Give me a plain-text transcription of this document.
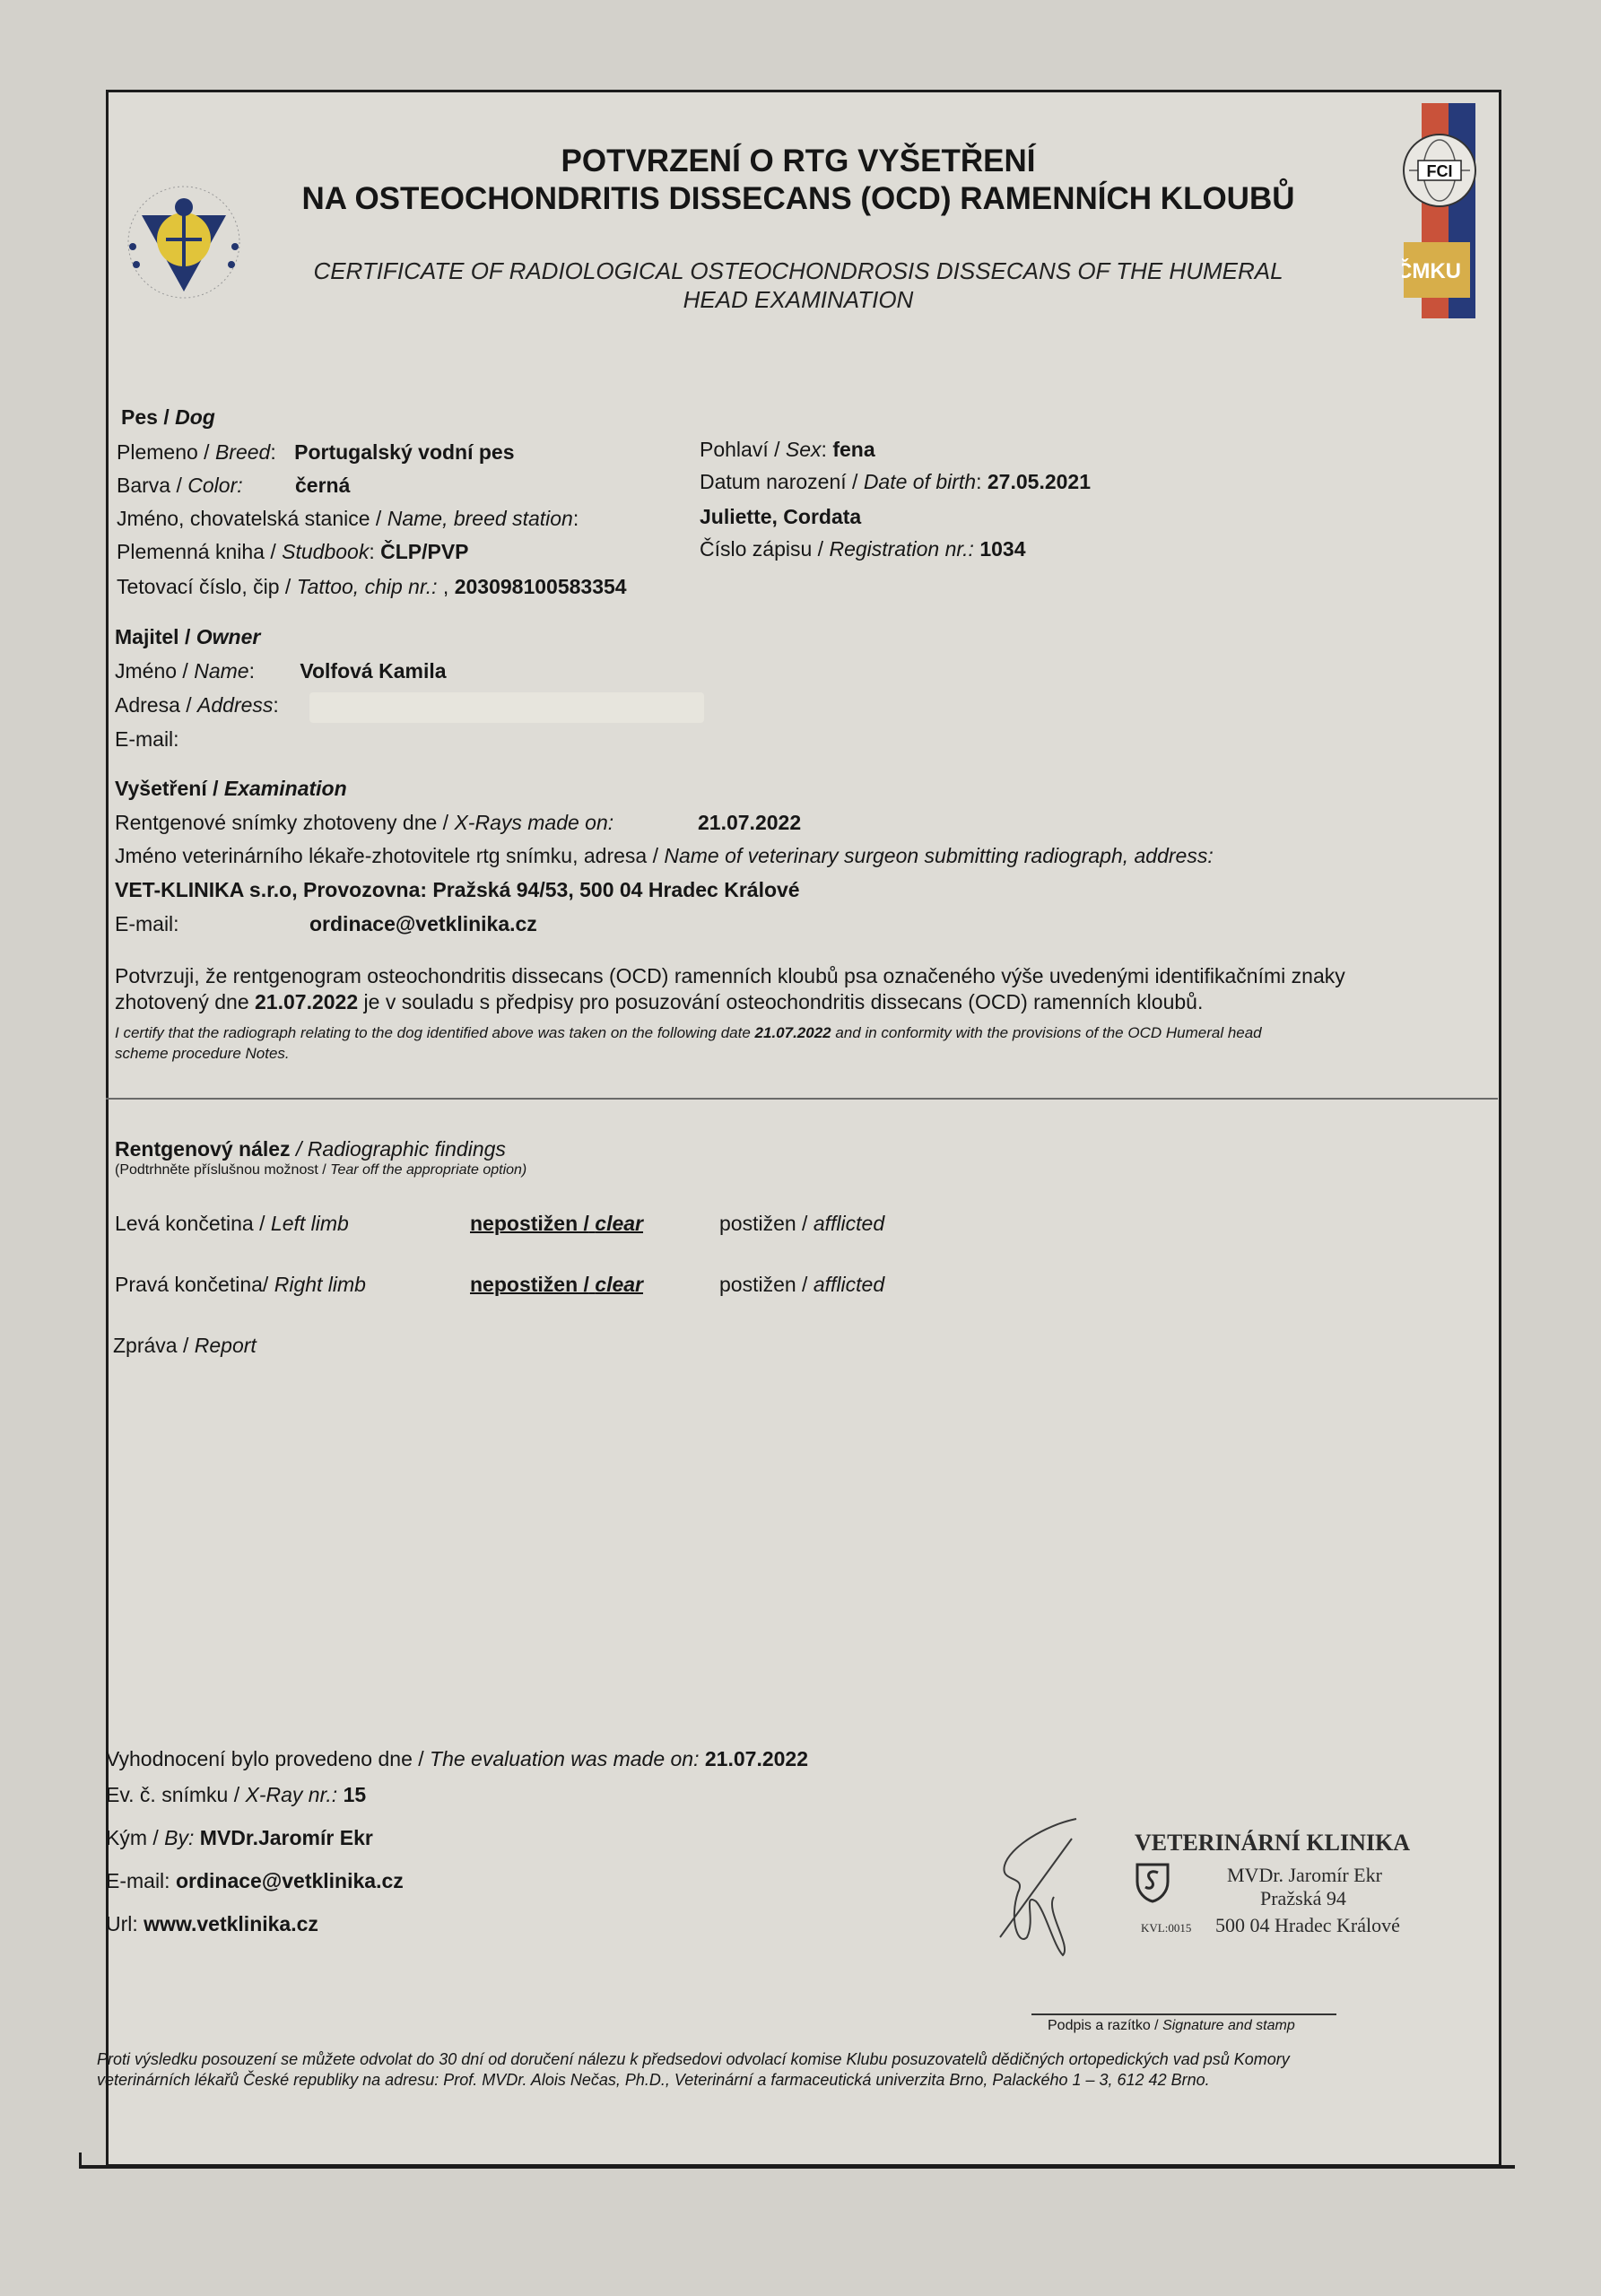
POTVRZENÍ O RTG VYŠETŘENÍ
NA OSTEOCHONDRITIS DISSECANS (OCD) RAMENNÍCH KLOUBŮ
CERTIFICATE OF RADIOLOGICAL OSTEOCHONDROSIS DISSECANS OF THE HUMERAL
HEAD EXAMINATION
FCI
ČMKU
Pes / Dog
Plemeno / Breed: Portugalský vodní pes	Pohlaví / Sex: fena
Barva / Color:	černá	Datum narození / Date of birth: 27.05.2021
Jméno, chovatelská stanice / Name, breed station:	Juliette, Cordata
Plemenná kniha / Studbook: ČLP/PVP	Číslo zápisu / Registration nr.: 1034
Tetovací číslo, čip / Tattoo, chip nr.: , 203098100583354
Majitel / Owner
Jméno / Name: Volfová Kamila
Adresa / Address:
E-mail:
Vyšetření / Examination
Rentgenové snímky zhotoveny dne / X-Rays made on:	21.07.2022
Jméno veterinárního lékaře-zhotovitele rtg snímku, adresa / Name of veterinary surgeon submitting radiograph, address:
VET-KLINIKA s.r.o, Provozovna: Pražská 94/53, 500 04 Hradec Králové
E-mail:	ordinace@vetklinika.cz
Potvrzuji, že rentgenogram osteochondritis dissecans (OCD) ramenních kloubů psa označeného výše uvedenými identifikačními znaky
zhotovený dne 21.07.2022 je v souladu s předpisy pro posuzování osteochondritis dissecans (OCD) ramenních kloubů.
I certify that the radiograph relating to the dog identified above was taken on the following date 21.07.2022 and in conformity with the provisions of the OCD Humeral head
scheme procedure Notes.
Rentgenový nález / Radiographic findings
(Podtrhněte příslušnou možnost / Tear off the appropriate option)
Levá končetina / Left limb	nepostižen / clear	postižen / afflicted
Pravá končetina/ Right limb	nepostižen / clear	postižen / afflicted
Zpráva / Report
Vyhodnocení bylo provedeno dne / The evaluation was made on: 21.07.2022
Ev. č. snímku / X-Ray nr.: 15
Kým / By: MVDr.Jaromír Ekr
E-mail: ordinace@vetklinika.cz
Url: www.vetklinika.cz
VETERINÁRNÍ KLINIKA
MVDr. Jaromír Ekr
Pražská 94
KVL:0015 500 04 Hradec Králové
Podpis a razítko / Signature and stamp
Proti výsledku posouzení se můžete odvolat do 30 dní od doručení nálezu k předsedovi odvolací komise Klubu posuzovatelů dědičných ortopedických vad psů Komory
veterinárních lékařů České republiky na adresu: Prof. MVDr. Alois Nečas, Ph.D., Veterinární a farmaceutická univerzita Brno, Palackého 1 – 3, 612 42 Brno.
